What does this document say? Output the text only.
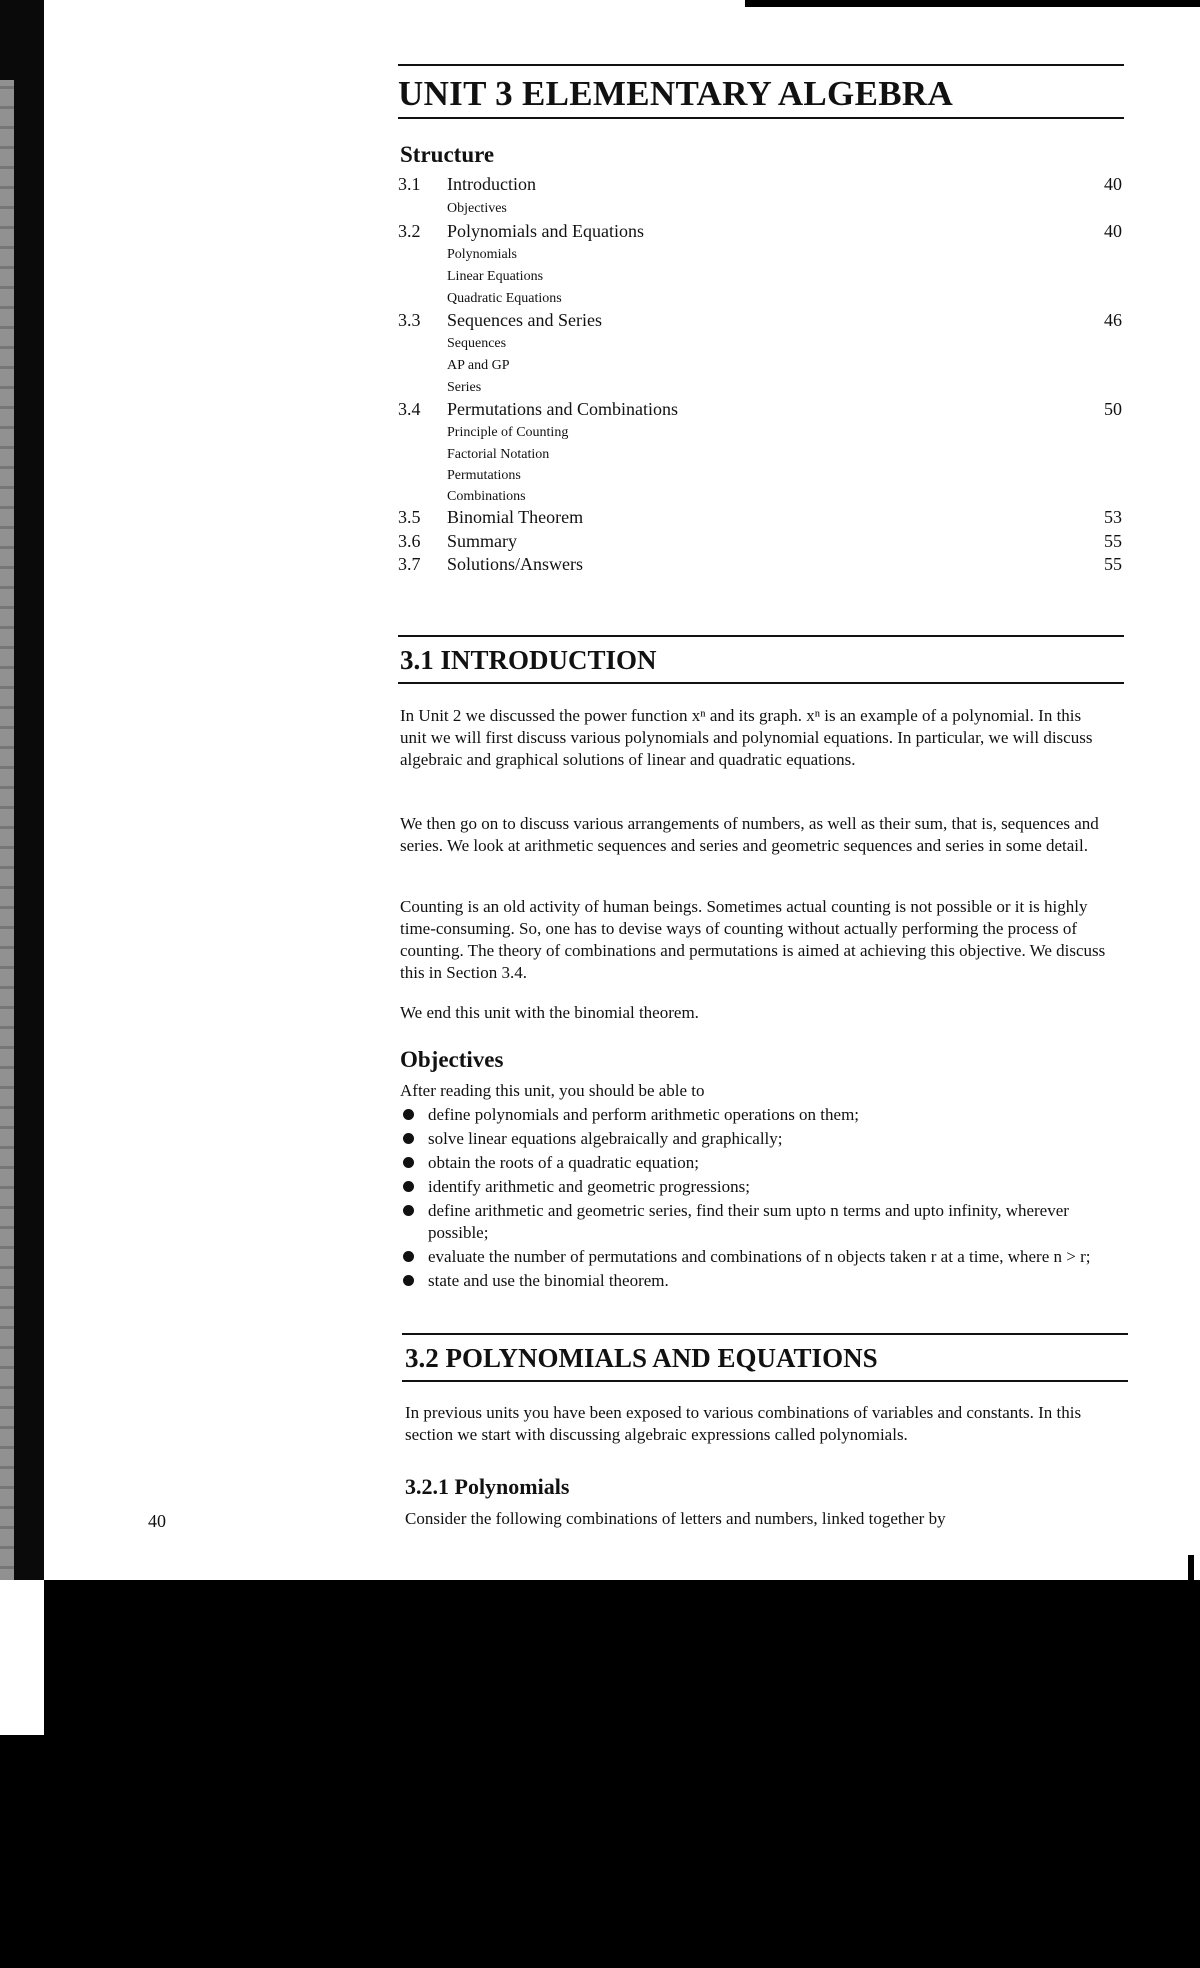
UNIT 3 ELEMENTARY ALGEBRA
Structure
3.1 Introduction	40
Objectives
3.2 Polynomials and Equations	40
Polynomials
Linear Equations
Quadratic Equations
3.3 Sequences and Series	46
Sequences
AP and GP
Series
3.4 Permutations and Combinations	50
Principle of Counting
Factorial Notation
Permutations
Combinations
3.5 Binomial Theorem	53
3.6 Summary	55
3.7 Solutions/Answers	55
3.1 INTRODUCTION
In Unit 2 we discussed the power function xⁿ and its graph. xⁿ is an example of a polynomial. In this unit we will first discuss various polynomials and polynomial equations. In particular, we will discuss algebraic and graphical solutions of linear and quadratic equations.
We then go on to discuss various arrangements of numbers, as well as their sum, that is, sequences and series. We look at arithmetic sequences and series and geometric sequences and series in some detail.
Counting is an old activity of human beings. Sometimes actual counting is not possible or it is highly time-consuming. So, one has to devise ways of counting without actually performing the process of counting. The theory of combinations and permutations is aimed at achieving this objective. We discuss this in Section 3.4.
We end this unit with the binomial theorem.
Objectives
After reading this unit, you should be able to
define polynomials and perform arithmetic operations on them;
solve linear equations algebraically and graphically;
obtain the roots of a quadratic equation;
identify arithmetic and geometric progressions;
define arithmetic and geometric series, find their sum upto n terms and upto infinity, wherever possible;
evaluate the number of permutations and combinations of n objects taken r at a time, where n > r;
state and use the binomial theorem.
3.2 POLYNOMIALS AND EQUATIONS
In previous units you have been exposed to various combinations of variables and constants. In this section we start with discussing algebraic expressions called polynomials.
3.2.1 Polynomials
Consider the following combinations of letters and numbers, linked together by
40
